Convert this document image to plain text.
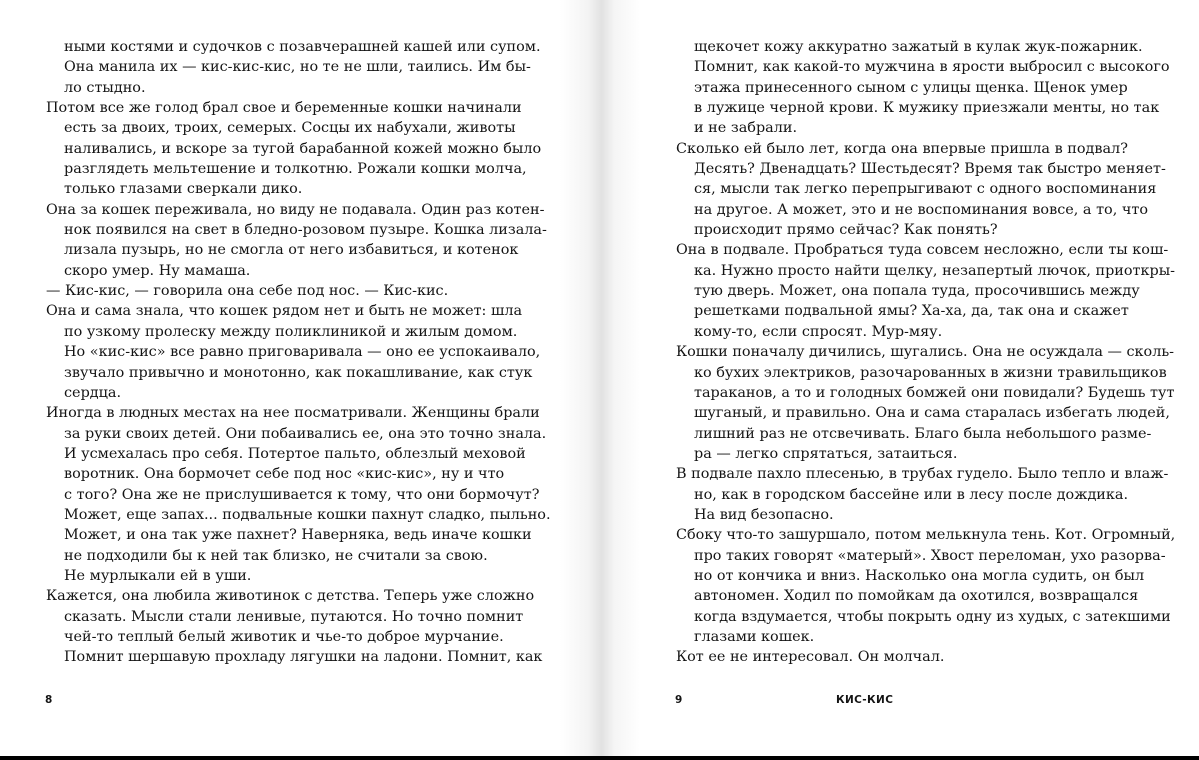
ными костями и судочков с позавчерашней кашей или супом.
Она манила их — кис-кис-кис, но те не шли, таились. Им бы-
ло стыдно.
Потом все же голод брал свое и беременные кошки начинали
есть за двоих, троих, семерых. Сосцы их набухали, животы
наливались, и вскоре за тугой барабанной кожей можно было
разглядеть мельтешение и толкотню. Рожали кошки молча,
только глазами сверкали дико.
Она за кошек переживала, но виду не подавала. Один раз котен-
нок появился на свет в бледно-розовом пузыре. Кошка лизала-
лизала пузырь, но не смогла от него избавиться, и котенок
скоро умер. Ну мамаша.
— Кис-кис, — говорила она себе под нос. — Кис-кис.
Она и сама знала, что кошек рядом нет и быть не может: шла
по узкому пролеску между поликлиникой и жилым домом.
Но «кис-кис» все равно приговаривала — оно ее успокаивало,
звучало привычно и монотонно, как покашливание, как стук
сердца.
Иногда в людных местах на нее посматривали. Женщины брали
за руки своих детей. Они побаивались ее, она это точно знала.
И усмехалась про себя. Потертое пальто, облезлый меховой
воротник. Она бормочет себе под нос «кис-кис», ну и что
с того? Она же не прислушивается к тому, что они бормочут?
Может, еще запах... подвальные кошки пахнут сладко, пыльно.
Может, и она так уже пахнет? Наверняка, ведь иначе кошки
не подходили бы к ней так близко, не считали за свою.
Не мурлыкали ей в уши.
Кажется, она любила животинок с детства. Теперь уже сложно
сказать. Мысли стали ленивые, путаются. Но точно помнит
чей-то теплый белый животик и чье-то доброе мурчание.
Помнит шершавую прохладу лягушки на ладони. Помнит, как
щекочет кожу аккуратно зажатый в кулак жук-пожарник.
Помнит, как какой-то мужчина в ярости выбросил с высокого
этажа принесенного сыном с улицы щенка. Щенок умер
в лужице черной крови. К мужику приезжали менты, но так
и не забрали.
Сколько ей было лет, когда она впервые пришла в подвал?
Десять? Двенадцать? Шестьдесят? Время так быстро меняет-
ся, мысли так легко перепрыгивают с одного воспоминания
на другое. А может, это и не воспоминания вовсе, а то, что
происходит прямо сейчас? Как понять?
Она в подвале. Пробраться туда совсем несложно, если ты кош-
ка. Нужно просто найти щелку, незапертый лючок, приоткры-
тую дверь. Может, она попала туда, просочившись между
решетками подвальной ямы? Ха-ха, да, так она и скажет
кому-то, если спросят. Мур-мяу.
Кошки поначалу дичились, шугались. Она не осуждала — сколь-
ко бухих электриков, разочарованных в жизни травильщиков
тараканов, а то и голодных бомжей они повидали? Будешь тут
шуганый, и правильно. Она и сама старалась избегать людей,
лишний раз не отсвечивать. Благо была небольшого разме-
ра — легко спрятаться, затаиться.
В подвале пахло плесенью, в трубах гудело. Было тепло и влаж-
но, как в городском бассейне или в лесу после дождика.
На вид безопасно.
Сбоку что-то зашуршало, потом мелькнула тень. Кот. Огромный,
про таких говорят «матерый». Хвост переломан, ухо разорва-
но от кончика и вниз. Насколько она могла судить, он был
автономен. Ходил по помойкам да охотился, возвращался
когда вздумается, чтобы покрыть одну из худых, с затекшими
глазами кошек.
Кот ее не интересовал. Он молчал.
8	9	КИС-КИС
